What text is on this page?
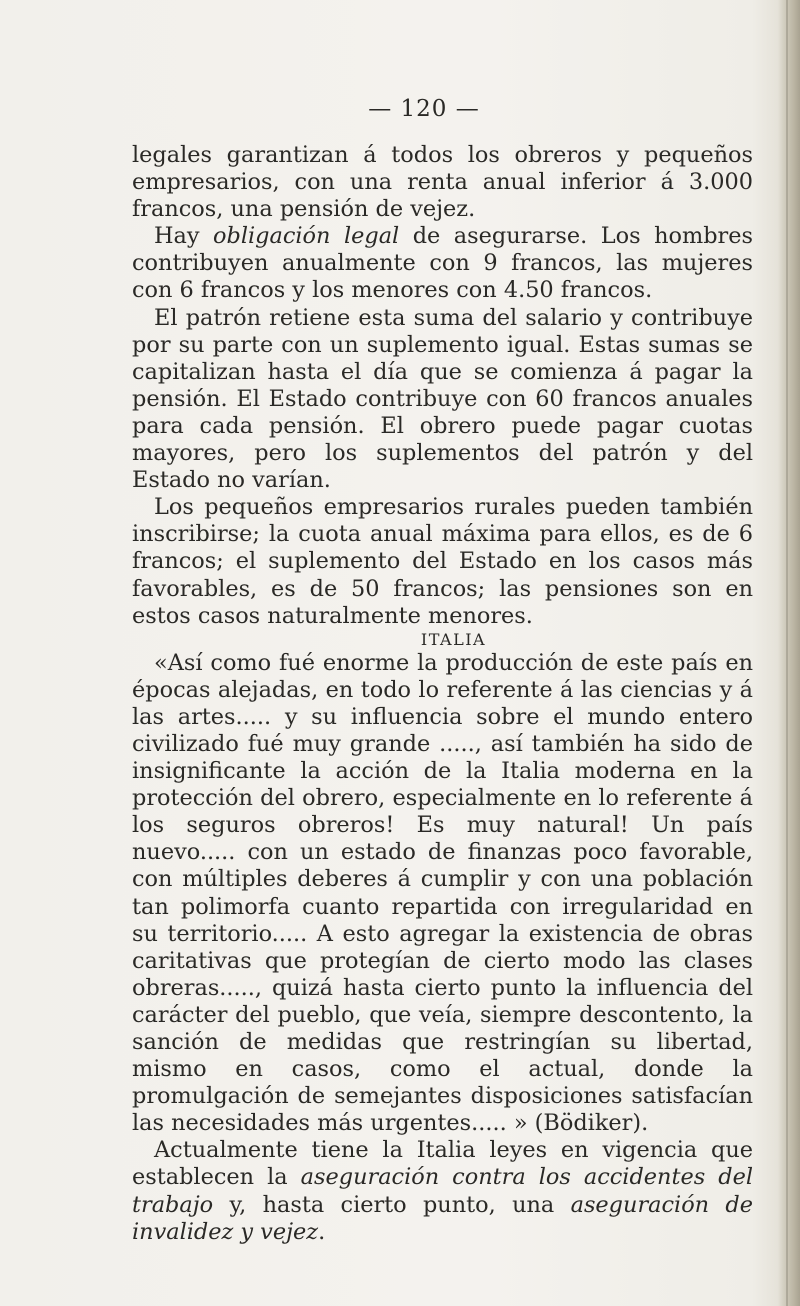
— 120 —

legales garantizan á todos los obreros y pequeños empresarios, con una renta anual inferior á 3.000 francos, una pensión de vejez.

Hay obligación legal de asegurarse. Los hombres contribuyen anualmente con 9 francos, las mujeres con 6 francos y los menores con 4.50 francos.

El patrón retiene esta suma del salario y contribuye por su parte con un suplemento igual. Estas sumas se capitalizan hasta el día que se comienza á pagar la pensión. El Estado contribuye con 60 francos anuales para cada pensión. El obrero puede pagar cuotas mayores, pero los suplementos del patrón y del Estado no varían.

Los pequeños empresarios rurales pueden también inscribirse; la cuota anual máxima para ellos, es de 6 francos; el suplemento del Estado en los casos más favorables, es de 50 francos; las pensiones son en estos casos naturalmente menores.

ITALIA

«Así como fué enorme la producción de este país en épocas alejadas, en todo lo referente á las ciencias y á las artes..... y su influencia sobre el mundo entero civilizado fué muy grande ....., así también ha sido de insignificante la acción de la Italia moderna en la protección del obrero, especialmente en lo referente á los seguros obreros! Es muy natural! Un país nuevo..... con un estado de finanzas poco favorable, con múltiples deberes á cumplir y con una población tan polimorfa cuanto repartida con irregularidad en su territorio..... A esto agregar la existencia de obras caritativas que protegían de cierto modo las clases obreras....., quizá hasta cierto punto la influencia del carácter del pueblo, que veía, siempre descontento, la sanción de medidas que restringían su libertad, mismo en casos, como el actual, donde la promulgación de semejantes disposiciones satisfacían las necesidades más urgentes..... » (Bödiker).

Actualmente tiene la Italia leyes en vigencia que establecen la aseguración contra los accidentes del trabajo y, hasta cierto punto, una aseguración de invalidez y vejez.
